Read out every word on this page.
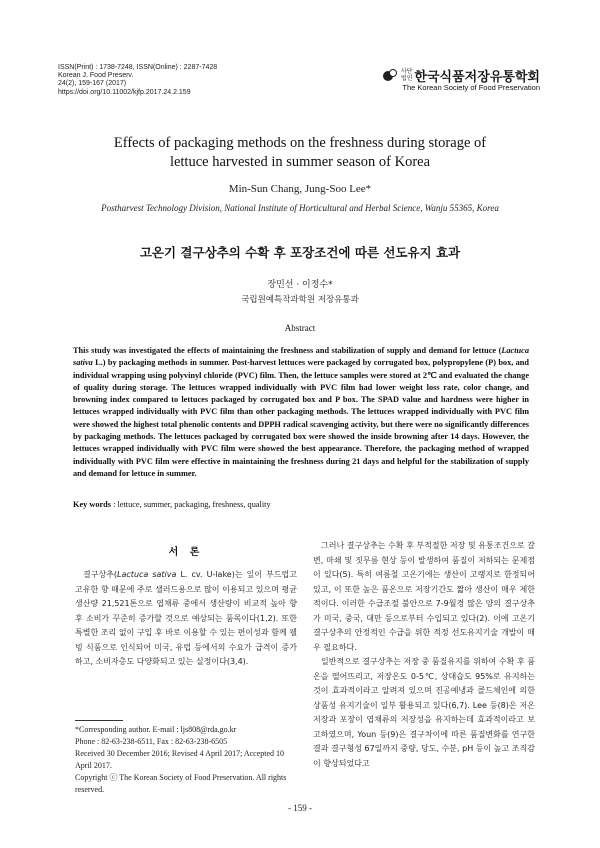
ISSN(Print) : 1738-7248, ISSN(Online) : 2287-7428
Korean J. Food Preserv.
24(2), 159-167 (2017)
https://doi.org/10.11002/kjfp.2017.24.2.159
사단
법인 한국식품저장유통학회
The Korean Society of Food Preservation
Effects of packaging methods on the freshness during storage of
lettuce harvested in summer season of Korea
Min-Sun Chang, Jung-Soo Lee*
Postharvest Technology Division, National Institute of Horticultural and Herbal Science, Wanju 55365, Korea
고온기 결구상추의 수확 후 포장조건에 따른 선도유지 효과
장민선 · 이정수*
국립원예특작과학원 저장유통과
Abstract
This study was investigated the effects of maintaining the freshness and stabilization of supply and demand for lettuce (Lactuca sativa L.) by packaging methods in summer. Post-harvest lettuces were packaged by corrugated box, polypropylene (P) box, and individual wrapping using polyvinyl chloride (PVC) film. Then, the lettuce samples were stored at 2℃ and evaluated the change of quality during storage. The lettuces wrapped individually with PVC film had lower weight loss rate, color change, and browning index compared to lettuces packaged by corrugated box and P box. The SPAD value and hardness were higher in lettuces wrapped individually with PVC film than other packaging methods. The lettuces wrapped individually with PVC film were showed the highest total phenolic contents and DPPH radical scavenging activity, but there were no significantly differences by packaging methods. The lettuces packaged by corrugated box were showed the inside browning after 14 days. However, the lettuces wrapped individually with PVC film were showed the best appearance. Therefore, the packaging method of wrapped individually with PVC film were effective in maintaining the freshness during 21 days and helpful for the stabilization of supply and demand for lettuce in summer.
Key words : lettuce, summer, packaging, freshness, quality
서 론

결구상추(Lactuca sativa L. cv. U-lake)는 잎이 부드럽고 고유한 향 때문에 주로 샐러드용으로 많이 이용되고 있으며 평균 생산량 21,521톤으로 엽채류 중에서 생산량이 비교적 높아 향후 소비가 꾸준히 증가할 것으로 예상되는 품목이다(1,2). 또한 특별한 조리 없이 구입 후 바로 이용할 수 있는 편이성과 함께 웰빙 식품으로 인식되어 미국, 유럽 등에서의 수요가 급격이 증가하고, 소비자층도 다양화되고 있는 실정이다(3,4).

그러나 결구상추는 수확 후 부적절한 저장 및 유통조건으로 갈변, 마쇄 및 짓무름 현상 등이 발생하여 품질이 저하되는 문제점이 있다(5). 특히 여름철 고온기에는 생산이 고랭지로 한정되어있고, 이 또한 높은 품온으로 저장기간도 짧아 생산이 매우 제한적이다. 이러한 수급조절 불안으로 7-9월경 많은 양의 결구상추가 미국, 중국, 대만 등으로부터 수입되고 있다(2). 이에 고온기 결구상추의 안정적인 수급을 위한 적정 선도유지기술 개발이 매우 필요하다.

일반적으로 결구상추는 저장 중 품질유지를 위하여 수확 후 품온을 떨어뜨리고, 저장온도 0-5℃, 상대습도 95%로 유지하는 것이 효과적이라고 알려져 있으며 진공예냉과 콜드체인에 의한 상품성 유지기술이 일부 활용되고 있다(6,7). Lee 등(8)은 저온저장과 포장이 엽채류의 저장성을 유지하는데 효과적이라고 보고하였으며, Youn 등(9)은 결구차이에 따른 품질변화를 연구한 결과 결구형성 67일까지 중량, 당도, 수분, pH 등이 높고 조직감이 향상되었다고

*Corresponding author. E-mail : ljs808@rda.go.kr
Phone : 82-63-238-6511, Fax : 82-63-238-6505
Received 30 December 2016; Revised 4 April 2017; Accepted 10 April 2017.
Copyright ⓒ The Korean Society of Food Preservation. All rights reserved.
- 159 -
